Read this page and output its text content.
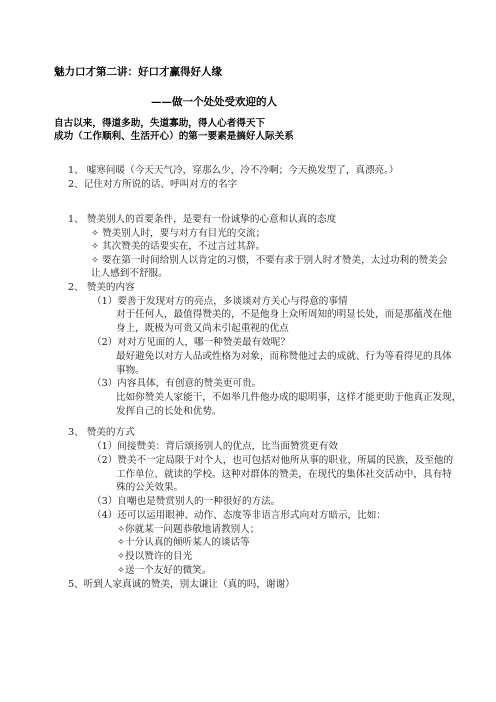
魅力口才第二讲：好口才赢得好人缘
——做一个处处受欢迎的人
自古以来，得道多助，失道寡助，得人心者得天下
成功（工作顺利、生活开心）的第一要素是搞好人际关系
1、 嘘寒问暖（今天天气冷，穿那么少，冷不冷啊；今天换发型了，真漂亮。）
2、记住对方所说的话、呼叫对方的名字
1、 赞美别人的首要条件，是要有一份诚挚的心意和认真的态度
✧ 赞美别人时，要与对方有目光的交流；
✧ 其次赞美的话要实在，不过言过其辞。
✧ 要在第一时间给别人以肯定的习惯，不要有求于别人时才赞美，太过功利的赞美会
让人感到不舒服。
2、 赞美的内容
（1）要善于发现对方的亮点，多谈谈对方关心与得意的事情
对于任何人，最值得赞美的，不是他身上众所周知的明显长处，而是那蕴茂在他
身上，既极为可贵又尚未引起重视的优点
（2）对对方见面的人，哪一种赞美最有效呢？
最好避免以对方人品或性格为对象，而称赞他过去的成就、行为等看得见的具体
事物。
（3）内容具体，有创意的赞美更可贵。
比如你赞美人家能干，不如举几件他办成的聪明事，这样才能更助于他真正发现，
发挥自己的长处和优势。
3、 赞美的方式
（1）间接赞美：背后颂扬别人的优点，比当面赞赏更有效
（2）赞美不一定局限于对个人，也可包括对他所从事的职业，所属的民族，及至他的
工作单位、就读的学校。这种对群体的赞美，在现代的集体社交活动中，具有特
殊的公关效果。
（3）自嘲也是赞赏别人的一种很好的方法。
（4）还可以运用眼神、动作、态度等非语言形式向对方暗示，比如：
✧你就某一问题恭敬地请教别人；
✧十分认真的倾听某人的谈话等
✧投以赞许的目光
✧送一个友好的微笑。
5、听到人家真诚的赞美，别太谦让（真的吗，谢谢）
